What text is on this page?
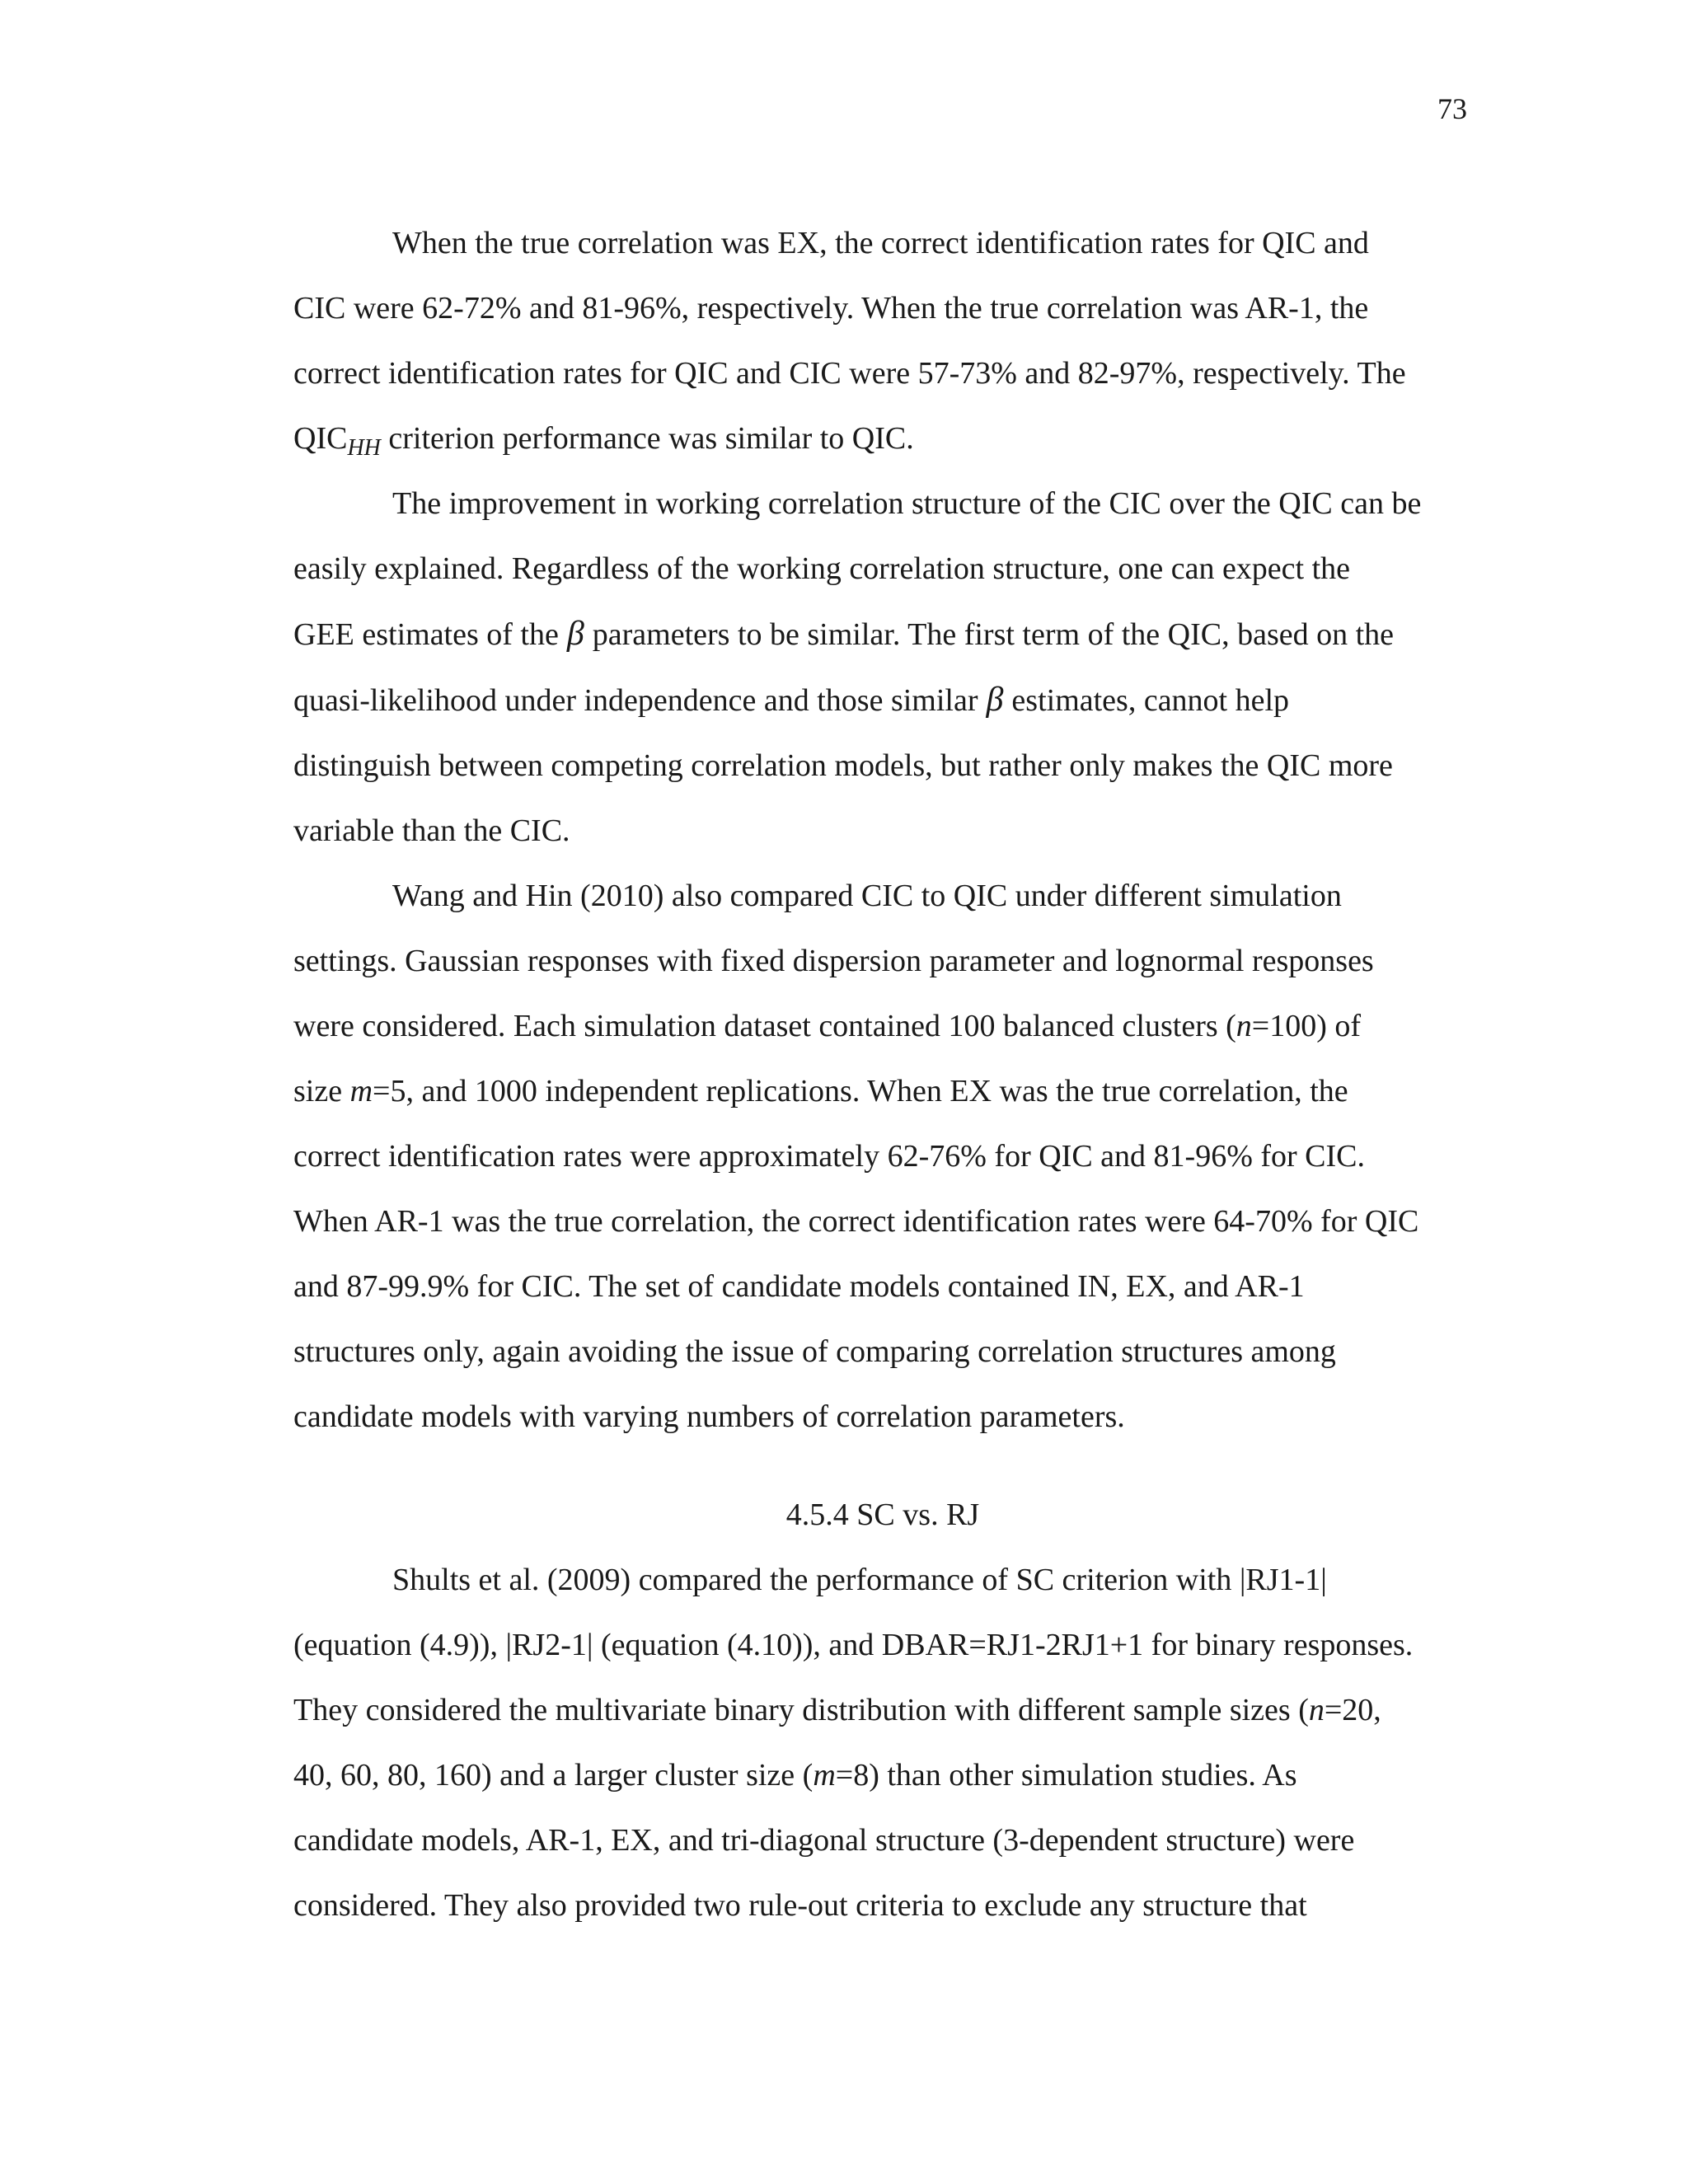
73
When the true correlation was EX, the correct identification rates for QIC and
CIC were 62-72% and 81-96%, respectively. When the true correlation was AR-1, the
correct identification rates for QIC and CIC were 57-73% and 82-97%, respectively. The
$QIC_{HH}$ criterion performance was similar to QIC.
The improvement in working correlation structure of the CIC over the QIC can be
easily explained. Regardless of the working correlation structure, one can expect the
GEE estimates of the β parameters to be similar. The first term of the QIC, based on the
quasi-likelihood under independence and those similar β estimates, cannot help
distinguish between competing correlation models, but rather only makes the QIC more
variable than the CIC.
Wang and Hin (2010) also compared CIC to QIC under different simulation
settings. Gaussian responses with fixed dispersion parameter and lognormal responses
were considered. Each simulation dataset contained 100 balanced clusters (n=100) of
size m=5, and 1000 independent replications. When EX was the true correlation, the
correct identification rates were approximately 62-76% for QIC and 81-96% for CIC.
When AR-1 was the true correlation, the correct identification rates were 64-70% for QIC
and 87-99.9% for CIC. The set of candidate models contained IN, EX, and AR-1
structures only, again avoiding the issue of comparing correlation structures among
candidate models with varying numbers of correlation parameters.
4.5.4 SC vs. RJ
Shults et al. (2009) compared the performance of SC criterion with |RJ1-1|
(equation (4.9)), |RJ2-1| (equation (4.10)), and DBAR=RJ1-2RJ1+1 for binary responses.
They considered the multivariate binary distribution with different sample sizes (n=20,
40, 60, 80, 160) and a larger cluster size (m=8) than other simulation studies. As
candidate models, AR-1, EX, and tri-diagonal structure (3-dependent structure) were
considered. They also provided two rule-out criteria to exclude any structure that
